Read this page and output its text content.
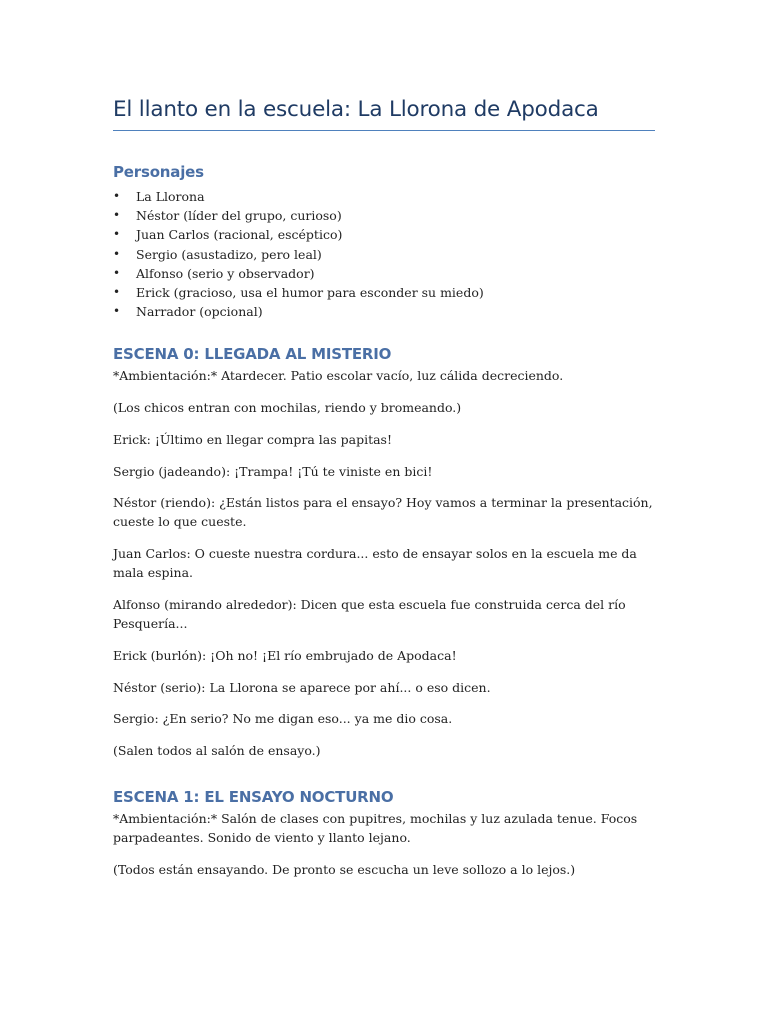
El llanto en la escuela: La Llorona de Apodaca
Personajes
• La Llorona
• Néstor (líder del grupo, curioso)
• Juan Carlos (racional, escéptico)
• Sergio (asustadizo, pero leal)
• Alfonso (serio y observador)
• Erick (gracioso, usa el humor para esconder su miedo)
• Narrador (opcional)
ESCENA 0: LLEGADA AL MISTERIO

*Ambientación:* Atardecer. Patio escolar vacío, luz cálida decreciendo.

(Los chicos entran con mochilas, riendo y bromeando.)

Erick: ¡Último en llegar compra las papitas!

Sergio (jadeando): ¡Trampa! ¡Tú te viniste en bici!

Néstor (riendo): ¿Están listos para el ensayo? Hoy vamos a terminar la presentación, cueste lo que cueste.

Juan Carlos: O cueste nuestra cordura... esto de ensayar solos en la escuela me da mala espina.

Alfonso (mirando alrededor): Dicen que esta escuela fue construida cerca del río Pesquería...

Erick (burlón): ¡Oh no! ¡El río embrujado de Apodaca!

Néstor (serio): La Llorona se aparece por ahí... o eso dicen.

Sergio: ¿En serio? No me digan eso... ya me dio cosa.

(Salen todos al salón de ensayo.)

ESCENA 1: EL ENSAYO NOCTURNO

*Ambientación:* Salón de clases con pupitres, mochilas y luz azulada tenue. Focos parpadeantes. Sonido de viento y llanto lejano.

(Todos están ensayando. De pronto se escucha un leve sollozo a lo lejos.)
